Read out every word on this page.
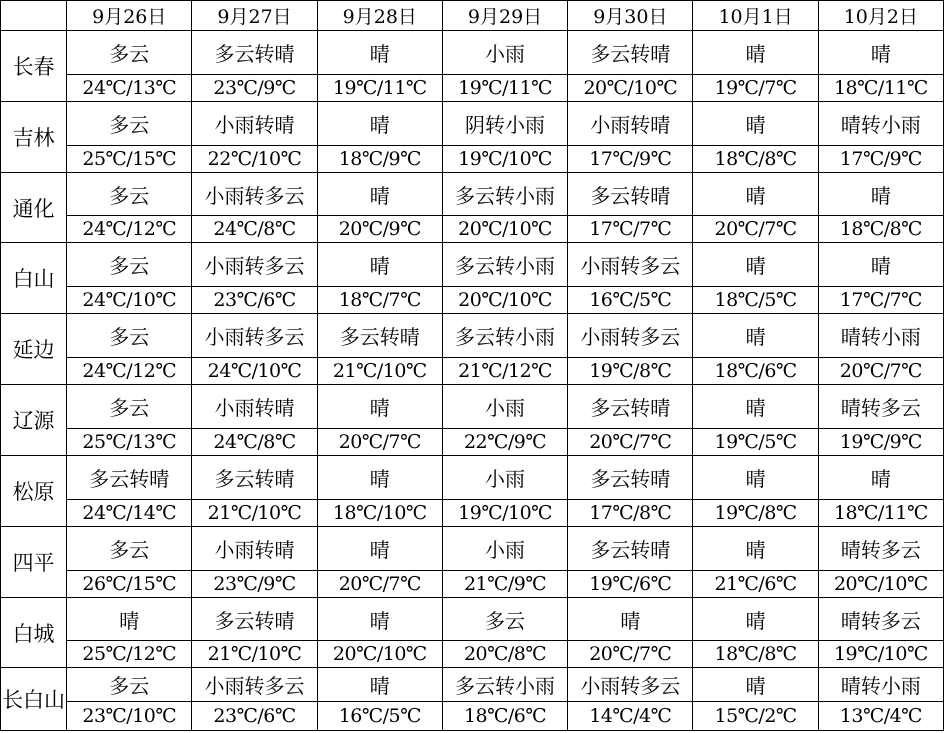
	9月26日	9月27日	9月28日	9月29日	9月30日	10月1日	10月2日
长春	多云	多云转晴	晴	小雨	多云转晴	晴	晴
	24℃/13℃	23℃/9℃	19℃/11℃	19℃/11℃	20℃/10℃	19℃/7℃	18℃/11℃
吉林	多云	小雨转晴	晴	阴转小雨	小雨转晴	晴	晴转小雨
	25℃/15℃	22℃/10℃	18℃/9℃	19℃/10℃	17℃/9℃	18℃/8℃	17℃/9℃
通化	多云	小雨转多云	晴	多云转小雨	多云转晴	晴	晴
	24℃/12℃	24℃/8℃	20℃/9℃	20℃/10℃	17℃/7℃	20℃/7℃	18℃/8℃
白山	多云	小雨转多云	晴	多云转小雨	小雨转多云	晴	晴
	24℃/10℃	23℃/6℃	18℃/7℃	20℃/10℃	16℃/5℃	18℃/5℃	17℃/7℃
延边	多云	小雨转多云	多云转晴	多云转小雨	小雨转多云	晴	晴转小雨
	24℃/12℃	24℃/10℃	21℃/10℃	21℃/12℃	19℃/8℃	18℃/6℃	20℃/7℃
辽源	多云	小雨转晴	晴	小雨	多云转晴	晴	晴转多云
	25℃/13℃	24℃/8℃	20℃/7℃	22℃/9℃	20℃/7℃	19℃/5℃	19℃/9℃
松原	多云转晴	多云转晴	晴	小雨	多云转晴	晴	晴
	24℃/14℃	21℃/10℃	18℃/10℃	19℃/10℃	17℃/8℃	19℃/8℃	18℃/11℃
四平	多云	小雨转晴	晴	小雨	多云转晴	晴	晴转多云
	26℃/15℃	23℃/9℃	20℃/7℃	21℃/9℃	19℃/6℃	21℃/6℃	20℃/10℃
白城	晴	多云转晴	晴	多云	晴	晴	晴转多云
	25℃/12℃	21℃/10℃	20℃/10℃	20℃/8℃	20℃/7℃	18℃/8℃	19℃/10℃
长白山	多云	小雨转多云	晴	多云转小雨	小雨转多云	晴	晴转小雨
	23℃/10℃	23℃/6℃	16℃/5℃	18℃/6℃	14℃/4℃	15℃/2℃	13℃/4℃
